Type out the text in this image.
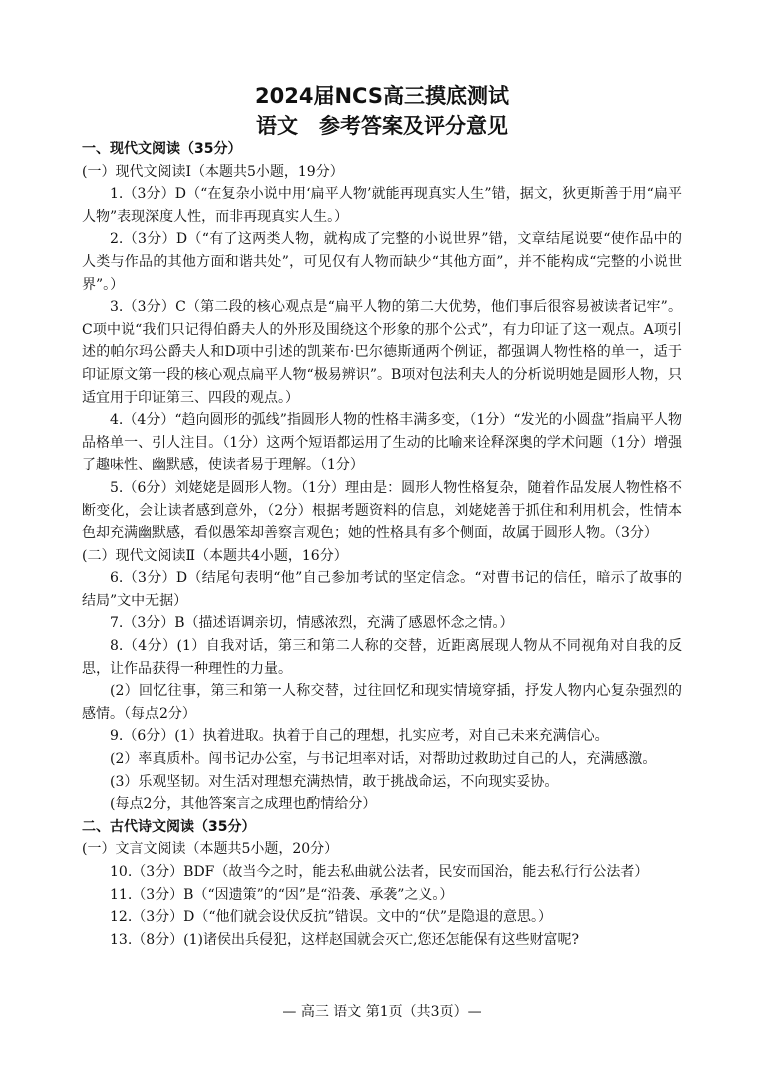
2024届NCS高三摸底测试
语文　参考答案及评分意见

一、现代文阅读（35分）

(一）现代文阅读Ⅰ（本题共5小题，19分）

1.（3分）D（“在复杂小说中用‘扁平人物’就能再现真实人生”错，据文，狄更斯善于用“扁平人物”表现深度人性，而非再现真实人生。）

2.（3分）D（“有了这两类人物，就构成了完整的小说世界”错，文章结尾说要“使作品中的人类与作品的其他方面和谐共处”，可见仅有人物而缺少“其他方面”，并不能构成“完整的小说世界”。）

3.（3分）C（第二段的核心观点是“扁平人物的第二大优势，他们事后很容易被读者记牢”。C项中说“我们只记得伯爵夫人的外形及围绕这个形象的那个公式”，有力印证了这一观点。A项引述的帕尔玛公爵夫人和D项中引述的凯莱布·巴尔德斯通两个例证，都强调人物性格的单一，适于印证原文第一段的核心观点扁平人物“极易辨识”。B项对包法利夫人的分析说明她是圆形人物，只适宜用于印证第三、四段的观点。）

4.（4分）“趋向圆形的弧线”指圆形人物的性格丰满多变，（1分）“发光的小圆盘”指扁平人物品格单一、引人注目。（1分）这两个短语都运用了生动的比喻来诠释深奥的学术问题（1分）增强了趣味性、幽默感，使读者易于理解。（1分）

5.（6分）刘姥姥是圆形人物。（1分）理由是：圆形人物性格复杂，随着作品发展人物性格不断变化，会让读者感到意外，（2分）根据考题资料的信息，刘姥姥善于抓住和利用机会，性情本色却充满幽默感，看似愚笨却善察言观色；她的性格具有多个侧面，故属于圆形人物。（3分）

(二）现代文阅读Ⅱ（本题共4小题，16分）

6.（3分）D（结尾句表明“他”自己参加考试的坚定信念。“对曹书记的信任，暗示了故事的结局”文中无据）

7.（3分）B（描述语调亲切，情感浓烈，充满了感恩怀念之情。）

8.（4分）(1）自我对话，第三和第二人称的交替，近距离展现人物从不同视角对自我的反思，让作品获得一种理性的力量。

(2）回忆往事，第三和第一人称交替，过往回忆和现实情境穿插，抒发人物内心复杂强烈的感情。（每点2分）

9.（6分）(1）执着进取。执着于自己的理想，扎实应考，对自己未来充满信心。

(2）率真质朴。闯书记办公室，与书记坦率对话，对帮助过救助过自己的人，充满感激。

(3）乐观坚韧。对生活对理想充满热情，敢于挑战命运，不向现实妥协。

(每点2分，其他答案言之成理也酌情给分）

二、古代诗文阅读（35分）

(一）文言文阅读（本题共5小题，20分）

10.（3分）BDF（故当今之时，能去私曲就公法者，民安而国治，能去私行行公法者）

11.（3分）B（“因遗策”的“因”是“沿袭、承袭”之义。）

12.（3分）D（“他们就会设伏反抗”错误。文中的“伏”是隐退的意思。）

13.（8分）(1)诸侯出兵侵犯，这样赵国就会灭亡,您还怎能保有这些财富呢?

— 高三 语文 第1页（共3页）—
